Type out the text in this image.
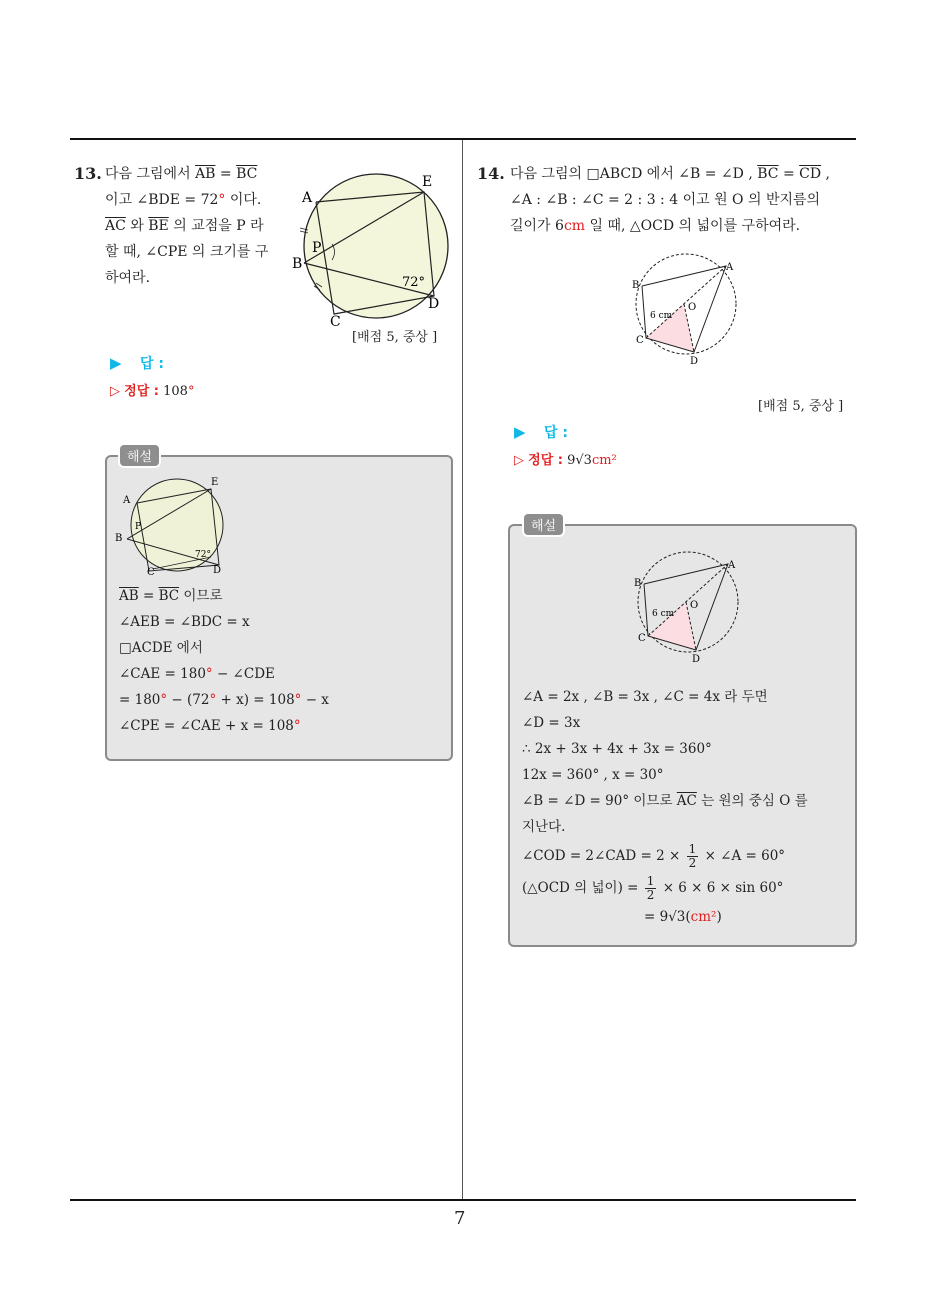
7
13. 다음 그림에서 $\overline{AB} = \overline{BC}$
이고 ∠BDE = 72° 이다.
$\overline{AC}$ 와 $\overline{BE}$ 의 교점을 P 라
할 때, ∠CPE 의 크기를 구
하여라.
A
E
P
B
72°
D
C
[배점 5, 중상 ]
▶ 답 :
▷ 정답 : 108°
A
E
B
P
72°
D
C
$\overline{AB} = \overline{BC}$ 이므로
∠AEB = ∠BDC = x
□ACDE 에서
∠CAE = 180° − ∠CDE
= 180° − (72° + x) = 108° − x
∠CPE = ∠CAE + x = 108°
해설
14. 다음 그림의 □ABCD 에서 ∠B = ∠D , $\overline{BC} = \overline{CD}$ ,
∠A : ∠B : ∠C = 2 : 3 : 4 이고 원 O 의 반지름의
길이가 6cm 일 때, △OCD 의 넓이를 구하여라.
B
A
O
6 cm
C
D
[배점 5, 중상 ]
▶ 답 :
▷ 정답 : 9√3cm²
B
A
O
6 cm
C
D
∠A = 2x , ∠B = 3x , ∠C = 4x 라 두면
∠D = 3x
∴ 2x + 3x + 4x + 3x = 360°
12x = 360° , x = 30°
∠B = ∠D = 90° 이므로 $\overline{AC}$ 는 원의 중심 O 를
지난다.
∠COD = 2∠CAD = $2 \times \frac{1}{2}$ × ∠A = 60°
(△OCD 의 넓이) = $\frac{1}{2} \times 6 \times 6 \times \sin 60^\circ$
= 9√3(cm²)
해설
